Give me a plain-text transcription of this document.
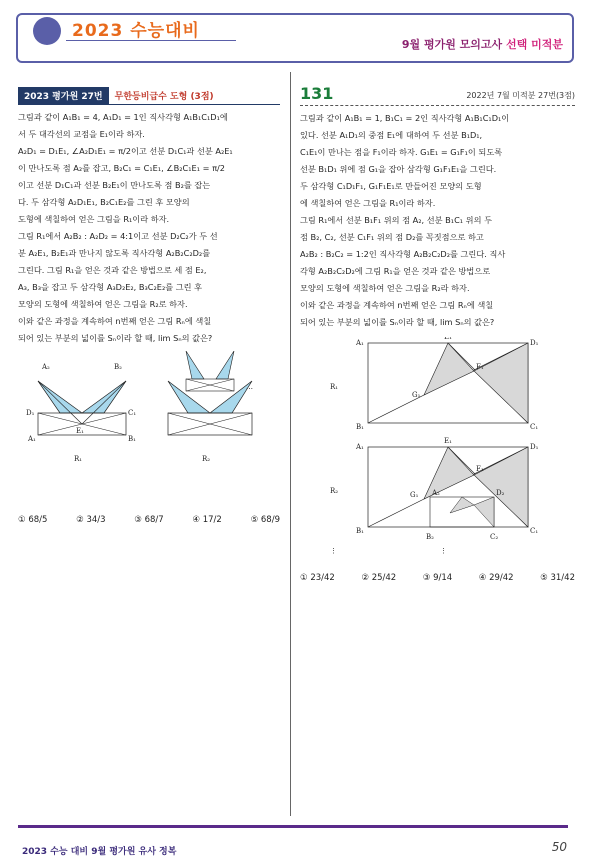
2023 수능대비
9월 평가원 모의고사 선택 미적분
2023 평가원 27번 무한등비급수 도형 (3점)

그림과 같이 A₁B₁ = 4, A₁D₁ = 1인 직사각형 A₁B₁C₁D₁에

서 두 대각선의 교점을 E₁이라 하자.

A₂D₁ = D₁E₁, ∠A₂D₁E₁ = π/2이고 선분 D₁C₁과 선분 A₂E₁

이 만나도록 점 A₂를 잡고, B₂C₁ = C₁E₁, ∠B₂C₁E₁ = π/2

이고 선분 D₁C₁과 선분 B₂E₁이 만나도록 점 B₂를 잡는

다. 두 삼각형 A₂D₁E₁, B₂C₁E₂를 그린 후 모양의

도형에 색칠하여 얻은 그림을 R₁이라 하자.

그림 R₁에서 A₂B₂ : A₂D₂ = 4:1이고 선분 D₂C₂가 두 선

분 A₂E₁, B₂E₁과 만나지 않도록 직사각형 A₂B₂C₂D₂를

그린다. 그림 R₁을 얻은 것과 같은 방법으로 세 점 E₂,

A₃, B₃을 잡고 두 삼각형 A₃D₂E₂, B₃C₂E₂를 그린 후

모양의 도형에 색칠하여 얻은 그림을 R₂로 하자.

이와 같은 과정을 계속하여 n번째 얻은 그림 Rₙ에 색칠

되어 있는 부분의 넓이를 Sₙ이라 할 때, lim Sₙ의 값은?

A₂	B₂
D₁	C₁
A₁	B₁
E₁
R₁
…
R₂
① 68/5	② 34/3	③ 68/7	④ 17/2	⑤ 68/9
131	2022년 7월 미적분 27번(3점)

그림과 같이 A₁B₁ = 1, B₁C₁ = 2인 직사각형 A₁B₁C₁D₁이

있다. 선분 A₁D₁의 중점 E₁에 대하여 두 선분 B₁D₁,

C₁E₁이 만나는 점을 F₁이라 하자. G₁E₁ = G₁F₁이 되도록

선분 B₁D₁ 위에 점 G₁을 잡아 삼각형 G₁F₁E₁을 그린다.

두 삼각형 C₁D₁F₁, G₁F₁E₁로 만들어진 모양의 도형

에 색칠하여 얻은 그림을 R₁이라 하자.

그림 R₁에서 선분 B₁F₁ 위의 점 A₂, 선분 B₁C₁ 위의 두

점 B₂, C₂, 선분 C₁F₁ 위의 점 D₂를 꼭짓점으로 하고

A₂B₂ : B₂C₂ = 1:2인 직사각형 A₂B₂C₂D₂를 그린다. 직사

각형 A₂B₂C₂D₂에 그림 R₁을 얻은 것과 같은 방법으로

모양의 도형에 색칠하여 얻은 그림을 R₂라 하자.

이와 같은 과정을 계속하여 n번째 얻은 그림 Rₙ에 색칠

되어 있는 부분의 넓이를 Sₙ이라 할 때, lim Sₙ의 값은?

A₁	D₁
B₁	C₁
E₁
F₁
G₁
R₁
A₁	D₁
B₁	C₁
E₁
F₁
G₁ A₂	D₂
B₂	C₂
R₂
⋮	⋮
① 23/42	② 25/42	③ 9/14	④ 29/42	⑤ 31/42
2023 수능 대비 9월 평가원 유사 정복	50
